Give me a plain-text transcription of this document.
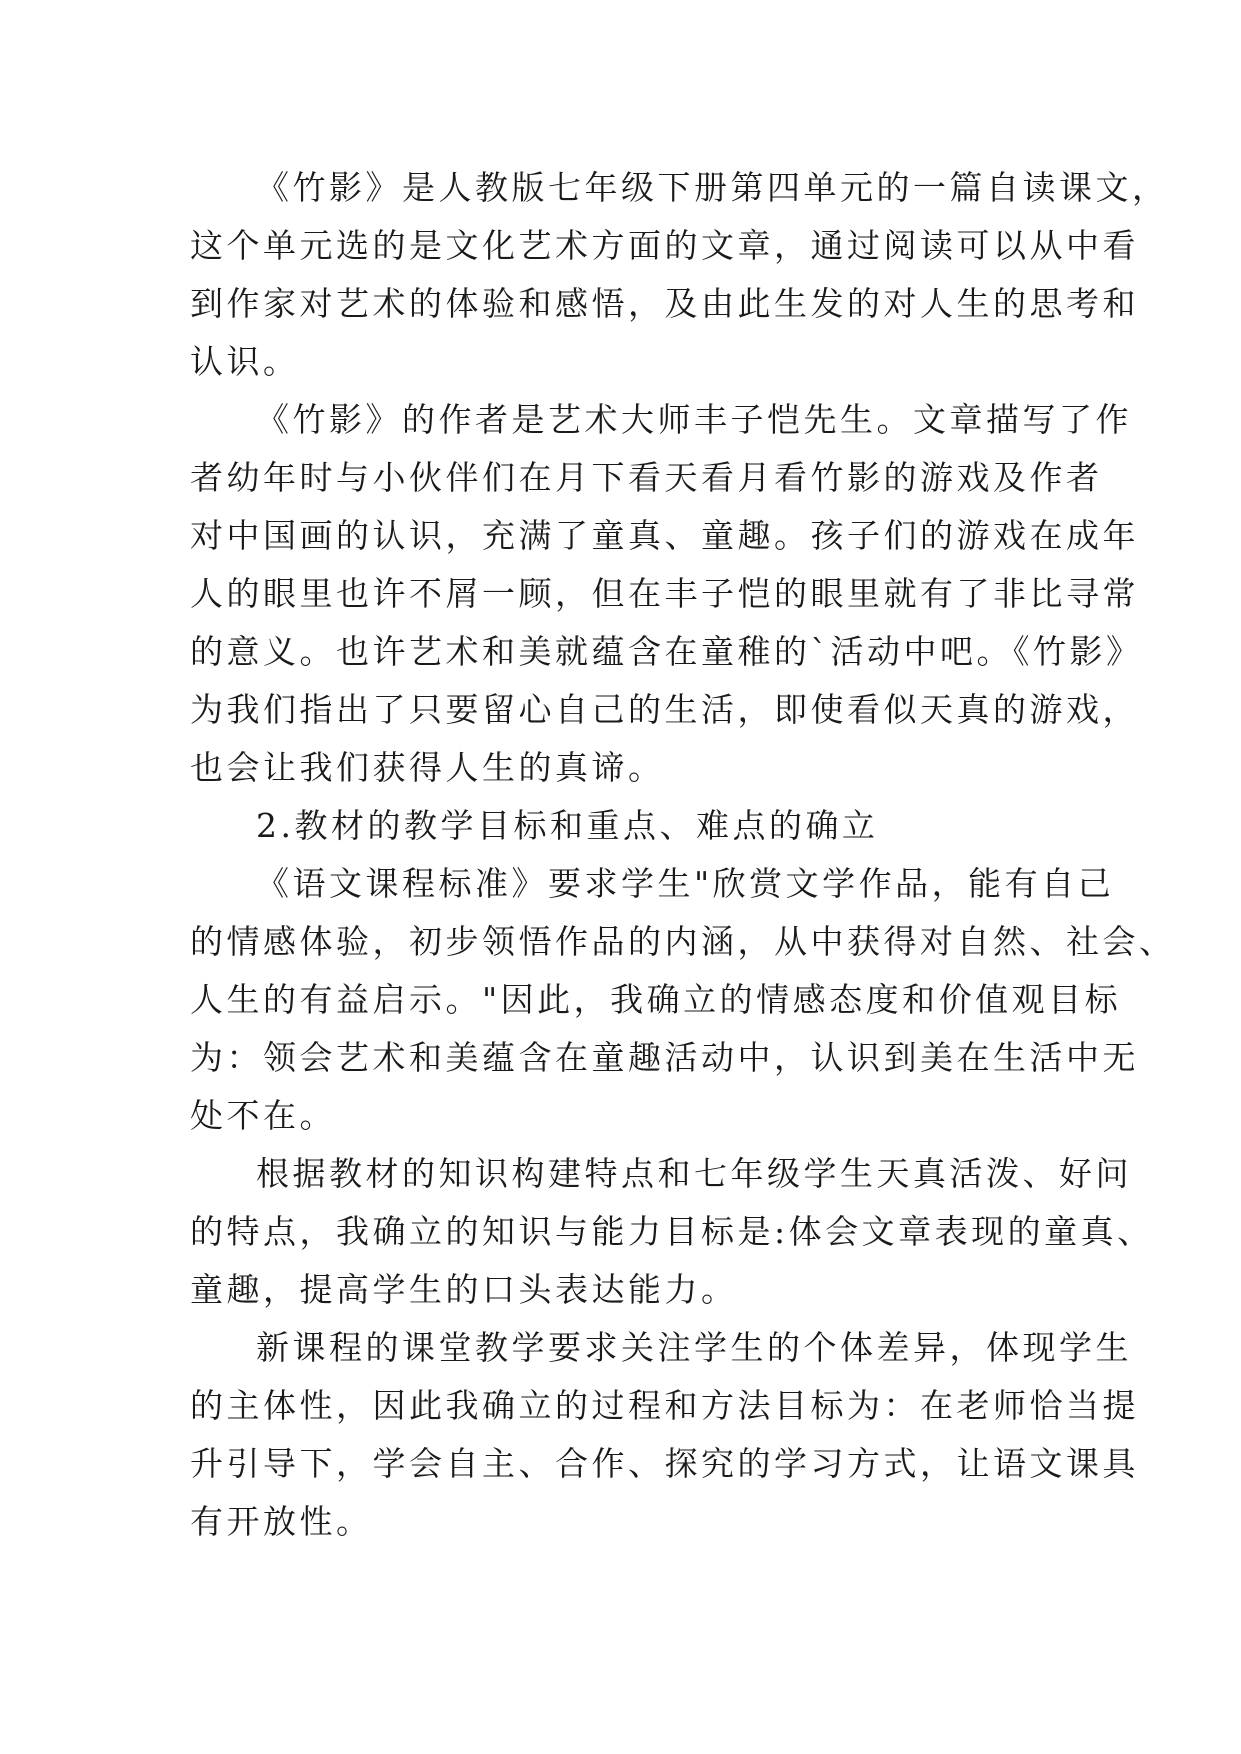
《竹影》是人教版七年级下册第四单元的一篇自读课文，
这个单元选的是文化艺术方面的文章，通过阅读可以从中看
到作家对艺术的体验和感悟，及由此生发的对人生的思考和
认识。
《竹影》的作者是艺术大师丰子恺先生。文章描写了作
者幼年时与小伙伴们在月下看天看月看竹影的游戏及作者
对中国画的认识，充满了童真、童趣。孩子们的游戏在成年
人的眼里也许不屑一顾，但在丰子恺的眼里就有了非比寻常
的意义。也许艺术和美就蕴含在童稚的`活动中吧。《竹影》
为我们指出了只要留心自己的生活，即使看似天真的游戏，
也会让我们获得人生的真谛。
2.教材的教学目标和重点、难点的确立
《语文课程标准》要求学生"欣赏文学作品，能有自己
的情感体验，初步领悟作品的内涵，从中获得对自然、社会、
人生的有益启示。"因此，我确立的情感态度和价值观目标
为：领会艺术和美蕴含在童趣活动中，认识到美在生活中无
处不在。
根据教材的知识构建特点和七年级学生天真活泼、好问
的特点，我确立的知识与能力目标是:体会文章表现的童真、
童趣，提高学生的口头表达能力。
新课程的课堂教学要求关注学生的个体差异，体现学生
的主体性，因此我确立的过程和方法目标为：在老师恰当提
升引导下，学会自主、合作、探究的学习方式，让语文课具
有开放性。
